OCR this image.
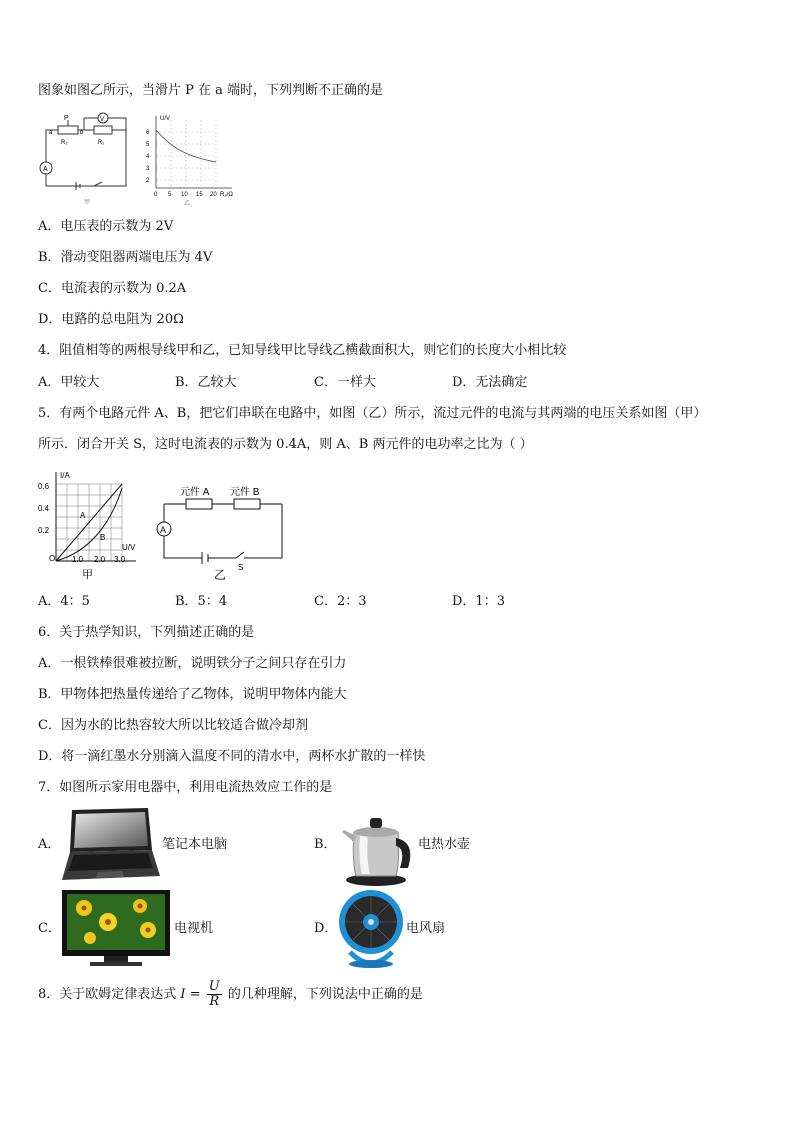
图象如图乙所示，当滑片 P 在 a 端时，下列判断不正确的是
P
a	b
R₂	R₁
V
A
甲
U/V
6
5
4
3
2
0 5 10 15 20 R₂/Ω
乙
A．电压表的示数为 2V
B．滑动变阻器两端电压为 4V
C．电流表的示数为 0.2A
D．电路的总电阻为 20Ω
4．阻值相等的两根导线甲和乙，已知导线甲比导线乙横截面积大，则它们的长度大小相比较
A．甲较大	B．乙较大	C．一样大	D．无法确定
5．有两个电路元件 A、B，把它们串联在电路中，如图（乙）所示，流过元件的电流与其两端的电压关系如图（甲）
所示．闭合开关 S，这时电流表的示数为 0.4A，则 A、B 两元件的电功率之比为（ ）
I/A
0.6
0.4
0.2
O 1.0 2.0 3.0
U/V
A
B
甲
元件 A 元件 B
A
S
乙
A．4：5	B．5：4	C．2：3	D．1：3
6．关于热学知识，下列描述正确的是
A．一根铁棒很难被拉断，说明铁分子之间只存在引力
B．甲物体把热量传递给了乙物体，说明甲物体内能大
C．因为水的比热容较大所以比较适合做冷却剂
D．将一滴红墨水分别滴入温度不同的清水中，两杯水扩散的一样快
7．如图所示家用电器中，利用电流热效应工作的是
A．	笔记本电脑	B．	电热水壶
C．	电视机	D．	电风扇
8．关于欧姆定律表达式 $I = \frac{U}{R}$ 的几种理解，下列说法中正确的是
